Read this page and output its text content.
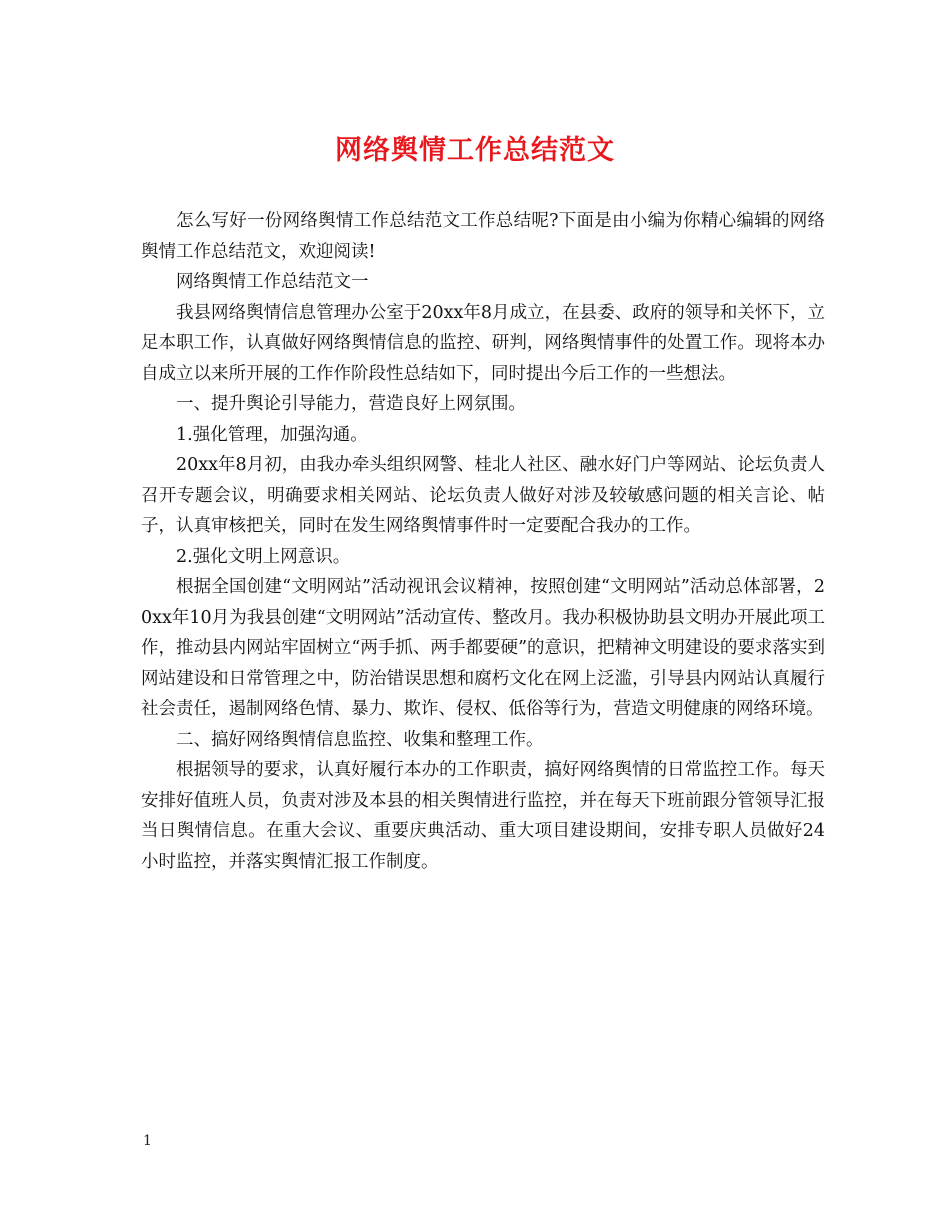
网络舆情工作总结范文

怎么写好一份网络舆情工作总结范文工作总结呢?下面是由小编为你精心编辑的网络舆情工作总结范文，欢迎阅读!

网络舆情工作总结范文一

我县网络舆情信息管理办公室于20xx年8月成立，在县委、政府的领导和关怀下，立足本职工作，认真做好网络舆情信息的监控、研判，网络舆情事件的处置工作。现将本办自成立以来所开展的工作作阶段性总结如下，同时提出今后工作的一些想法。

一、提升舆论引导能力，营造良好上网氛围。

1.强化管理，加强沟通。

20xx年8月初，由我办牵头组织网警、桂北人社区、融水好门户等网站、论坛负责人召开专题会议，明确要求相关网站、论坛负责人做好对涉及较敏感问题的相关言论、帖子，认真审核把关，同时在发生网络舆情事件时一定要配合我办的工作。

2.强化文明上网意识。

根据全国创建“文明网站”活动视讯会议精神，按照创建“文明网站”活动总体部署，20xx年10月为我县创建“文明网站”活动宣传、整改月。我办积极协助县文明办开展此项工作，推动县内网站牢固树立“两手抓、两手都要硬”的意识，把精神文明建设的要求落实到网站建设和日常管理之中，防治错误思想和腐朽文化在网上泛滥，引导县内网站认真履行社会责任，遏制网络色情、暴力、欺诈、侵权、低俗等行为，营造文明健康的网络环境。

二、搞好网络舆情信息监控、收集和整理工作。

根据领导的要求，认真好履行本办的工作职责，搞好网络舆情的日常监控工作。每天安排好值班人员，负责对涉及本县的相关舆情进行监控，并在每天下班前跟分管领导汇报当日舆情信息。在重大会议、重要庆典活动、重大项目建设期间，安排专职人员做好24小时监控，并落实舆情汇报工作制度。

1
